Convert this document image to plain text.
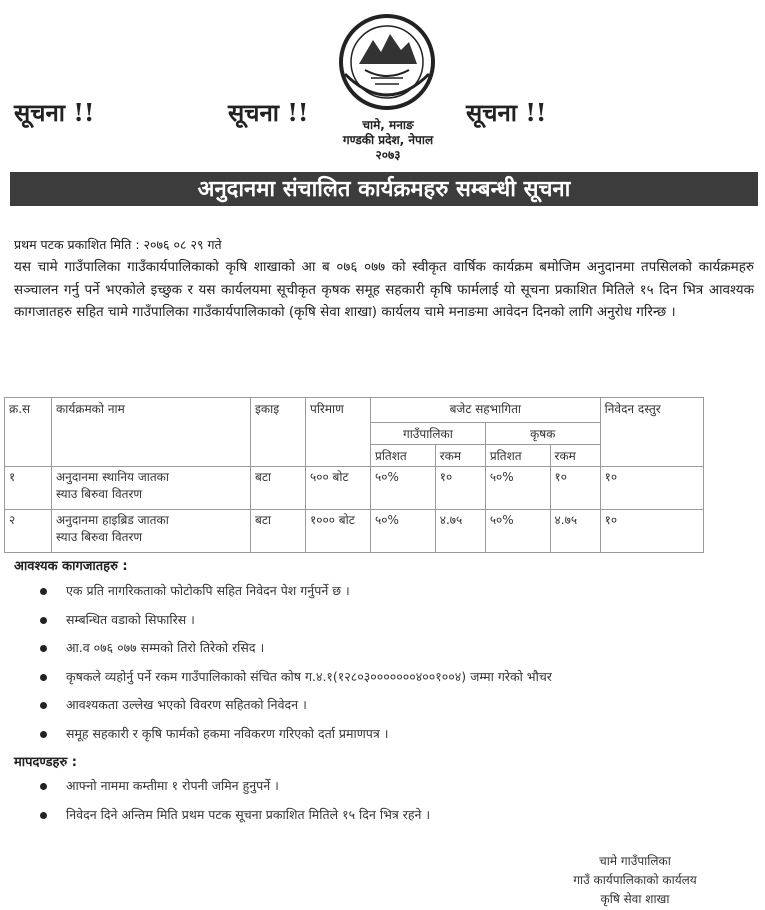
चामे, मनाङ
गण्डकी प्रदेश, नेपाल
२०७३
सूचना !!	सूचना !!	सूचना !!
अनुदानमा संचालित कार्यक्रमहरु सम्बन्धी सूचना
प्रथम पटक प्रकाशित मिति : २०७६ ०८ २९ गते
यस चामे गाउँपालिका गाउँकार्यपालिकाको कृषि शाखाको आ ब ०७६ ०७७ को स्वीकृत वार्षिक कार्यक्रम बमोजिम अनुदानमा तपसिलको कार्यक्रमहरु सञ्चालन गर्नु पर्ने भएकोले इच्छुक र यस कार्यलयमा सूचीकृत कृषक समूह सहकारी कृषि फार्मलाई यो सूचना प्रकाशित मितिले १५ दिन भित्र आवश्यक कागजातहरु सहित चामे गाउँपालिका गाउँकार्यपालिकाको (कृषि सेवा शाखा) कार्यलय चामे मनाङमा आवेदन दिनको लागि अनुरोध गरिन्छ ।
क्र.स	कार्यक्रमको नाम	इकाइ	परिमाण	बजेट सहभागिता				निवेदन दस्तुर
				गाउँपालिका		कृषक		
				प्रतिशत	रकम	प्रतिशत	रकम	
१	अनुदानमा स्थानिय जातका
स्याउ बिरुवा वितरण	बटा	५०० बोट	५०%	१०	५०%	१०	१०
२	अनुदानमा हाइब्रिड जातका
स्याउ बिरुवा वितरण	बटा	१००० बोट	५०%	४.७५	५०%	४.७५	१०
आवश्यक कागजातहरु :
एक प्रति नागरिकताको फोटोकपि सहित निवेदन पेश गर्नुपर्ने छ ।
सम्बन्धित वडाको सिफारिस ।
आ.व ०७६ ०७७ सम्मको तिरो तिरेको रसिद ।
कृषकले व्यहोर्नु पर्ने रकम गाउँपालिकाको संचित कोष ग.४.१(१२८०३०००००००४००१००४) जम्मा गरेको भौचर
आवश्यकता उल्लेख भएको विवरण सहितको निवेदन ।
समूह सहकारी र कृषि फार्मको हकमा नविकरण गरिएको दर्ता प्रमाणपत्र ।
मापदण्डहरु :
आफ्नो नाममा कम्तीमा १ रोपनी जमिन हुनुपर्ने ।
निवेदन दिने अन्तिम मिति प्रथम पटक सूचना प्रकाशित मितिले १५ दिन भित्र रहने ।
चामे गाउँपालिका
गाउँ कार्यपालिकाको कार्यलय
कृषि सेवा शाखा
